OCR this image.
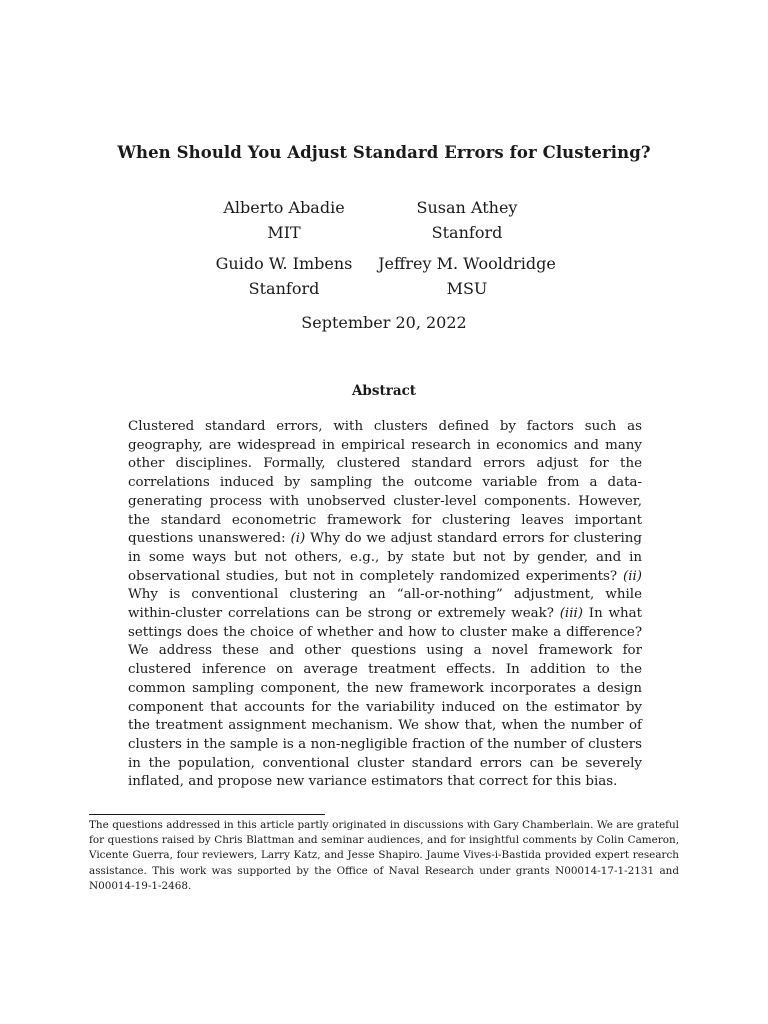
When Should You Adjust Standard Errors for Clustering?
Alberto Abadie
MIT
Susan Athey
Stanford
Guido W. Imbens
Stanford
Jeffrey M. Wooldridge
MSU
September 20, 2022
Abstract
Clustered standard errors, with clusters defined by factors such as geography, are widespread in empirical research in economics and many other disciplines. Formally, clustered standard errors adjust for the correlations induced by sampling the outcome variable from a data-generating process with unobserved cluster-level components. However, the standard econometric framework for clustering leaves important questions unanswered: (i) Why do we adjust standard errors for clustering in some ways but not others, e.g., by state but not by gender, and in observational studies, but not in completely randomized experiments? (ii) Why is conventional clustering an “all-or-nothing” adjustment, while within-cluster correlations can be strong or extremely weak? (iii) In what settings does the choice of whether and how to cluster make a difference? We address these and other questions using a novel framework for clustered inference on average treatment effects. In addition to the common sampling component, the new framework incorporates a design component that accounts for the variability induced on the estimator by the treatment assignment mechanism. We show that, when the number of clusters in the sample is a non-negligible fraction of the number of clusters in the population, conventional cluster standard errors can be severely inflated, and propose new variance estimators that correct for this bias.
The questions addressed in this article partly originated in discussions with Gary Chamberlain. We are grateful for questions raised by Chris Blattman and seminar audiences, and for insightful comments by Colin Cameron, Vicente Guerra, four reviewers, Larry Katz, and Jesse Shapiro. Jaume Vives-i-Bastida provided expert research assistance. This work was supported by the Office of Naval Research under grants N00014-17-1-2131 and N00014-19-1-2468.
